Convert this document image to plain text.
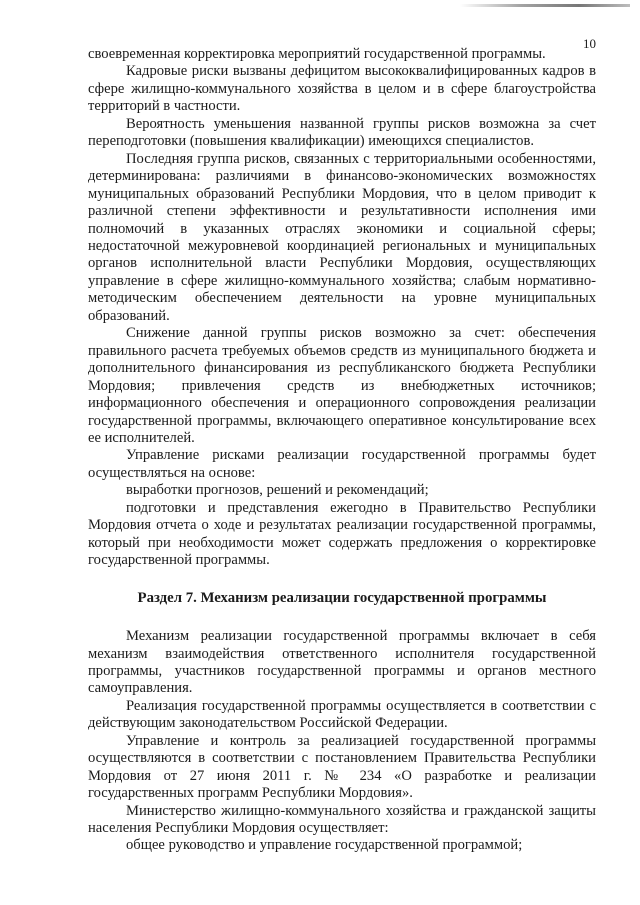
10

своевременная корректировка мероприятий государственной программы.

Кадровые риски вызваны дефицитом высококвалифицированных кадров в сфере жилищно-коммунального хозяйства в целом и в сфере благоустройства территорий в частности.

Вероятность уменьшения названной группы рисков возможна за счет переподготовки (повышения квалификации) имеющихся специалистов.

Последняя группа рисков, связанных с территориальными особенностями, детерминирована: различиями в финансово-экономических возможностях муниципальных образований Республики Мордовия, что в целом приводит к различной степени эффективности и результативности исполнения ими полномочий в указанных отраслях экономики и социальной сферы; недостаточной межуровневой координацией региональных и муниципальных органов исполнительной власти Республики Мордовия, осуществляющих управление в сфере жилищно-коммунального хозяйства; слабым нормативно-методическим обеспечением деятельности на уровне муниципальных образований.

Снижение данной группы рисков возможно за счет: обеспечения правильного расчета требуемых объемов средств из муниципального бюджета и дополнительного финансирования из республиканского бюджета Республики Мордовия; привлечения средств из внебюджетных источников; информационного обеспечения и операционного сопровождения реализации государственной программы, включающего оперативное консультирование всех ее исполнителей.

Управление рисками реализации государственной программы будет осуществляться на основе:

выработки прогнозов, решений и рекомендаций;

подготовки и представления ежегодно в Правительство Республики Мордовия отчета о ходе и результатах реализации государственной программы, который при необходимости может содержать предложения о корректировке государственной программы.

Раздел 7. Механизм реализации государственной программы

Механизм реализации государственной программы включает в себя механизм взаимодействия ответственного исполнителя государственной программы, участников государственной программы и органов местного самоуправления.

Реализация государственной программы осуществляется в соответствии с действующим законодательством Российской Федерации.

Управление и контроль за реализацией государственной программы осуществляются в соответствии с постановлением Правительства Республики Мордовия от 27 июня 2011 г. № 234 «О разработке и реализации государственных программ Республики Мордовия».

Министерство жилищно-коммунального хозяйства и гражданской защиты населения Республики Мордовия осуществляет:

общее руководство и управление государственной программой;
